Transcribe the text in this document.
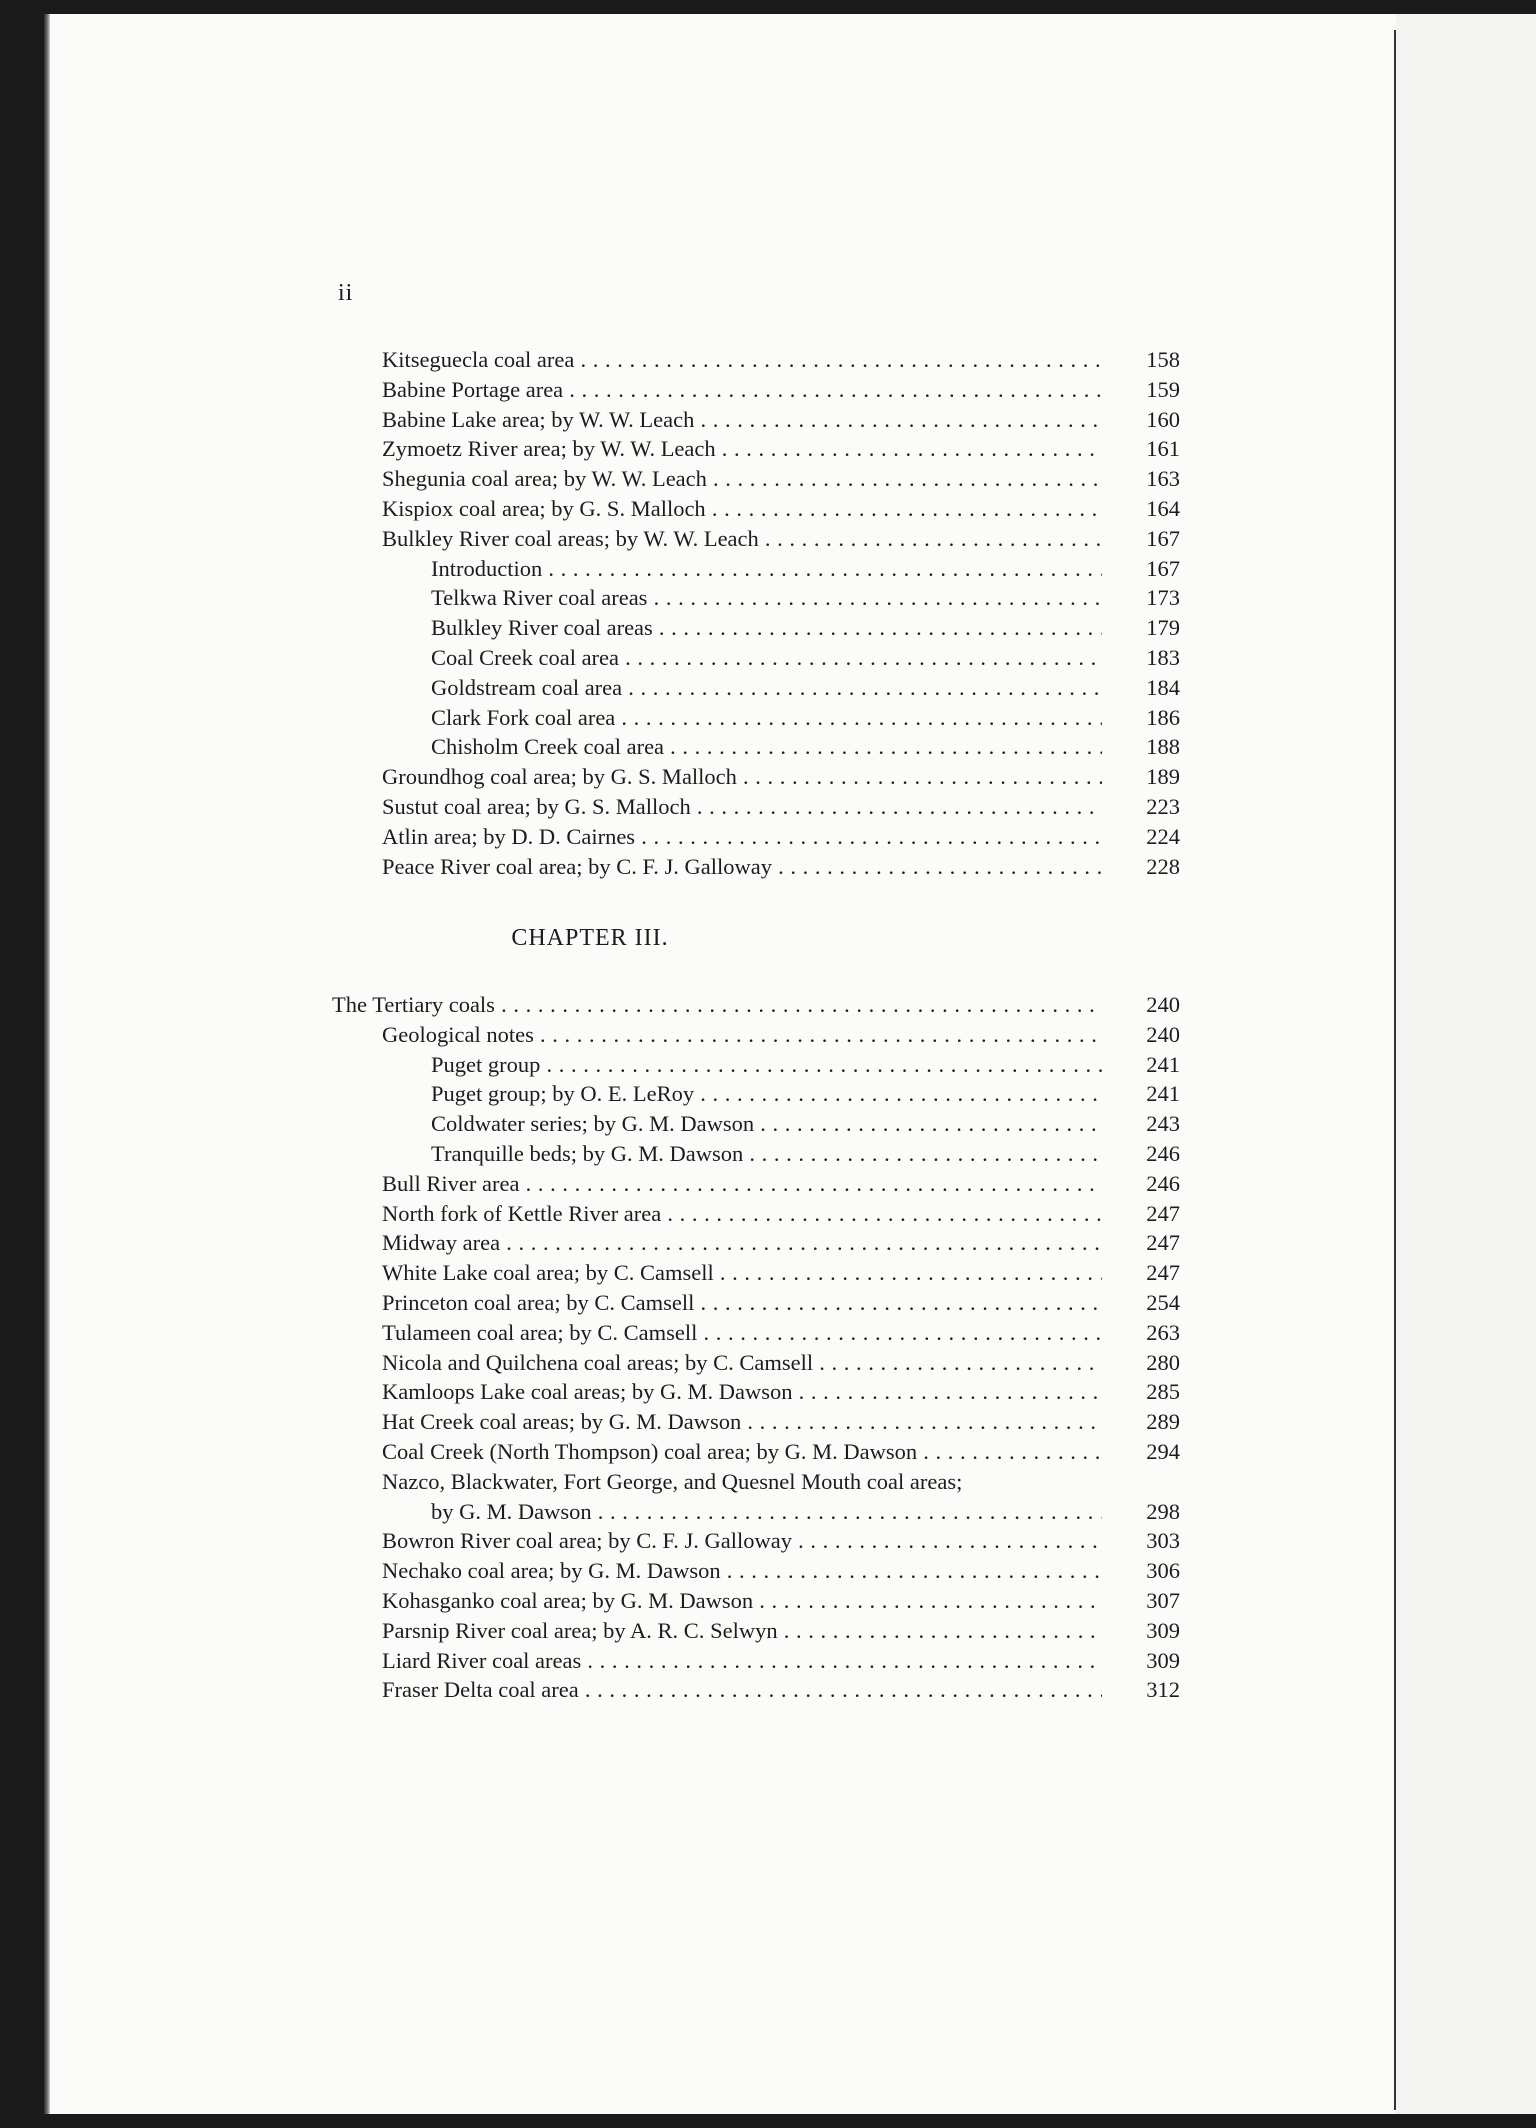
ii
Kitseguecla coal area . . .	158
Babine Portage area . . .	159
Babine Lake area; by W. W. Leach . . .	160
Zymoetz River area; by W. W. Leach . . .	161
Shegunia coal area; by W. W. Leach . . .	163
Kispiox coal area; by G. S. Malloch . . .	164
Bulkley River coal areas; by W. W. Leach . . .	167
Introduction . . .	167
Telkwa River coal areas . . .	173
Bulkley River coal areas . . .	179
Coal Creek coal area . . .	183
Goldstream coal area . . .	184
Clark Fork coal area . . .	186
Chisholm Creek coal area . . .	188
Groundhog coal area; by G. S. Malloch . . .	189
Sustut coal area; by G. S. Malloch . . .	223
Atlin area; by D. D. Cairnes . . .	224
Peace River coal area; by C. F. J. Galloway . . .	228
CHAPTER III.
The Tertiary coals . . .	240
Geological notes . . .	240
Puget group . . .	241
Puget group; by O. E. LeRoy . . .	241
Coldwater series; by G. M. Dawson . . .	243
Tranquille beds; by G. M. Dawson . . .	246
Bull River area . . .	246
North fork of Kettle River area . . .	247
Midway area . . .	247
White Lake coal area; by C. Camsell . . .	247
Princeton coal area; by C. Camsell . . .	254
Tulameen coal area; by C. Camsell . . .	263
Nicola and Quilchena coal areas; by C. Camsell . . .	280
Kamloops Lake coal areas; by G. M. Dawson . . .	285
Hat Creek coal areas; by G. M. Dawson . . .	289
Coal Creek (North Thompson) coal area; by G. M. Dawson . . .	294
Nazco, Blackwater, Fort George, and Quesnel Mouth coal areas;
by G. M. Dawson . . .	298
Bowron River coal area; by C. F. J. Galloway . . .	303
Nechako coal area; by G. M. Dawson . . .	306
Kohasganko coal area; by G. M. Dawson . . .	307
Parsnip River coal area; by A. R. C. Selwyn . . .	309
Liard River coal areas . . .	309
Fraser Delta coal area . . .	312
